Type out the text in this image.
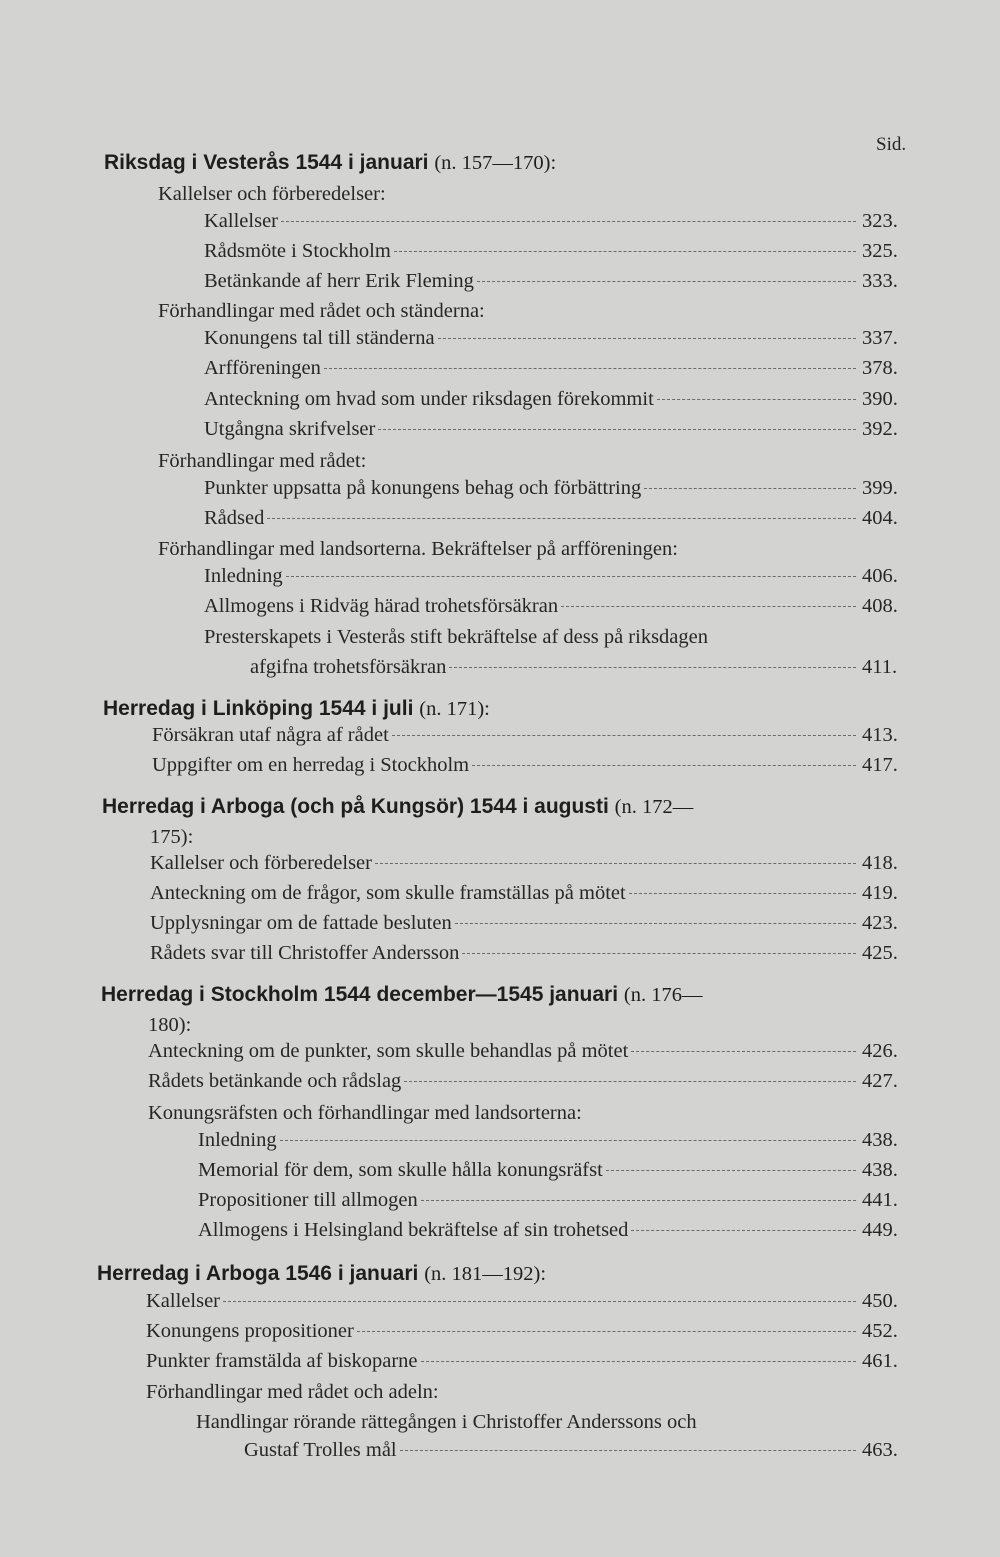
Sid.
Riksdag i Vesterås 1544 i januari (n. 157—170):
Kallelser och förberedelser:
Kallelser	323.
Rådsmöte i Stockholm	325.
Betänkande af herr Erik Fleming	333.
Förhandlingar med rådet och ständerna:
Konungens tal till ständerna	337.
Arfföreningen	378.
Anteckning om hvad som under riksdagen förekommit	390.
Utgångna skrifvelser	392.
Förhandlingar med rådet:
Punkter uppsatta på konungens behag och förbättring	399.
Rådsed	404.
Förhandlingar med landsorterna. Bekräftelser på arfföreningen:
Inledning	406.
Allmogens i Ridväg härad trohetsförsäkran	408.
Presterskapets i Vesterås stift bekräftelse af dess på riksdagen
afgifna trohetsförsäkran	411.
Herredag i Linköping 1544 i juli (n. 171):
Försäkran utaf några af rådet	413.
Uppgifter om en herredag i Stockholm	417.
Herredag i Arboga (och på Kungsör) 1544 i augusti (n. 172—
175):
Kallelser och förberedelser	418.
Anteckning om de frågor, som skulle framställas på mötet	419.
Upplysningar om de fattade besluten	423.
Rådets svar till Christoffer Andersson	425.
Herredag i Stockholm 1544 december—1545 januari (n. 176—
180):
Anteckning om de punkter, som skulle behandlas på mötet	426.
Rådets betänkande och rådslag	427.
Konungsräfsten och förhandlingar med landsorterna:
Inledning	438.
Memorial för dem, som skulle hålla konungsräfst	438.
Propositioner till allmogen	441.
Allmogens i Helsingland bekräftelse af sin trohetsed	449.
Herredag i Arboga 1546 i januari (n. 181—192):
Kallelser	450.
Konungens propositioner	452.
Punkter framstälda af biskoparne	461.
Förhandlingar med rådet och adeln:
Handlingar rörande rättegången i Christoffer Anderssons och
Gustaf Trolles mål	463.
